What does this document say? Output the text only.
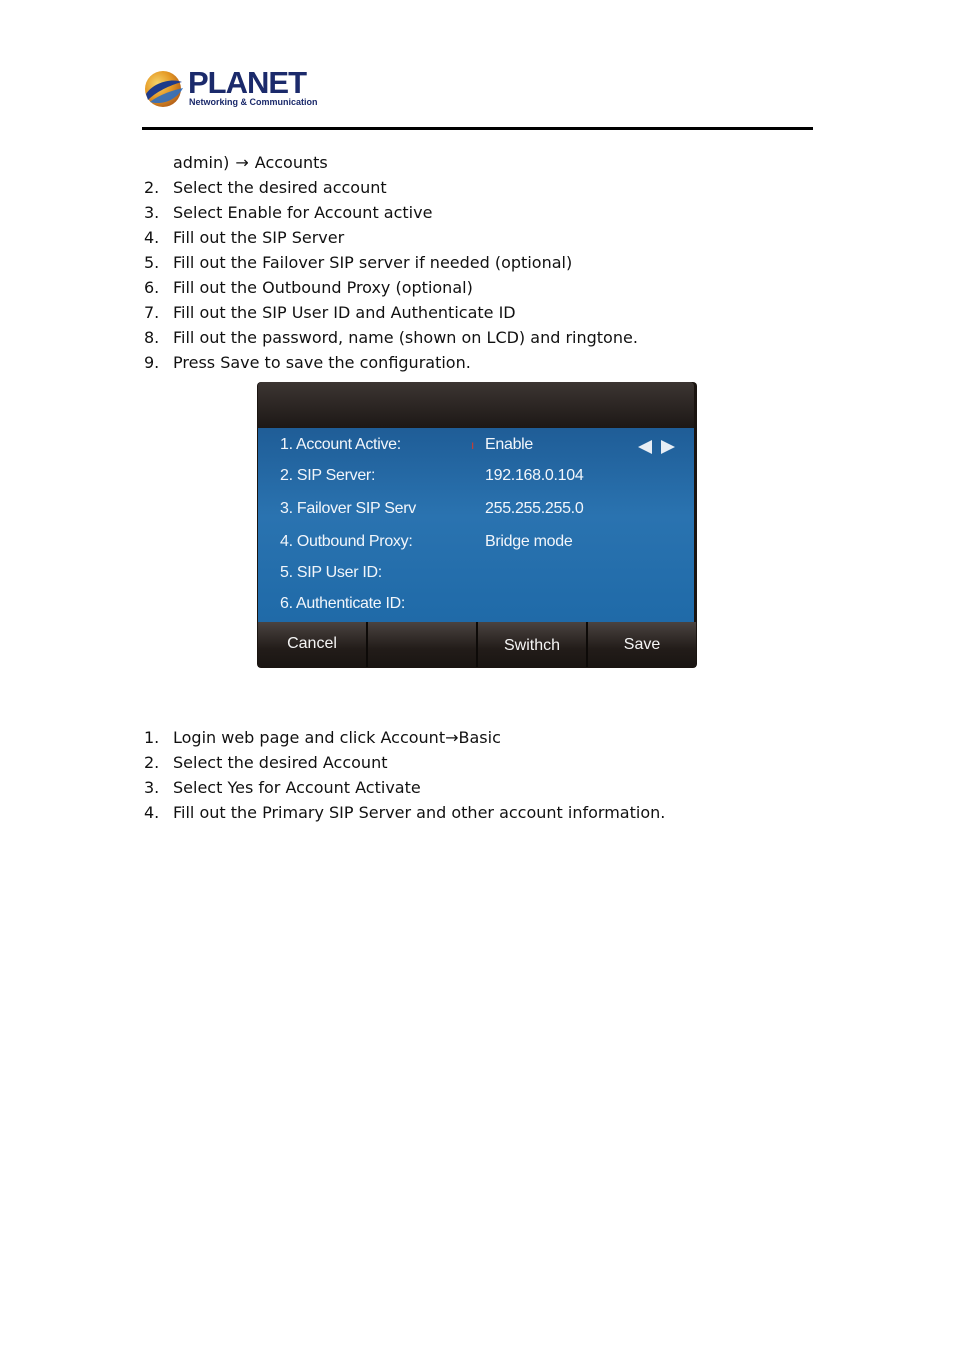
PLANET
Networking & Communication
admin) → Accounts
2. Select the desired account
3. Select Enable for Account active
4. Fill out the SIP Server
5. Fill out the Failover SIP server if needed (optional)
6. Fill out the Outbound Proxy (optional)
7. Fill out the SIP User ID and Authenticate ID
8. Fill out the password, name (shown on LCD) and ringtone.
9. Press Save to save the configuration.
1. Account Active:	ı Enable
2. SIP Server:	192.168.0.104
3. Failover SIP Serv	255.255.255.0
4. Outbound Proxy:	Bridge mode
5. SIP User ID:
6. Authenticate ID:
Cancel	Swithch	Save
1. Login web page and click Account→Basic
2. Select the desired Account
3. Select Yes for Account Activate
4. Fill out the Primary SIP Server and other account information.
